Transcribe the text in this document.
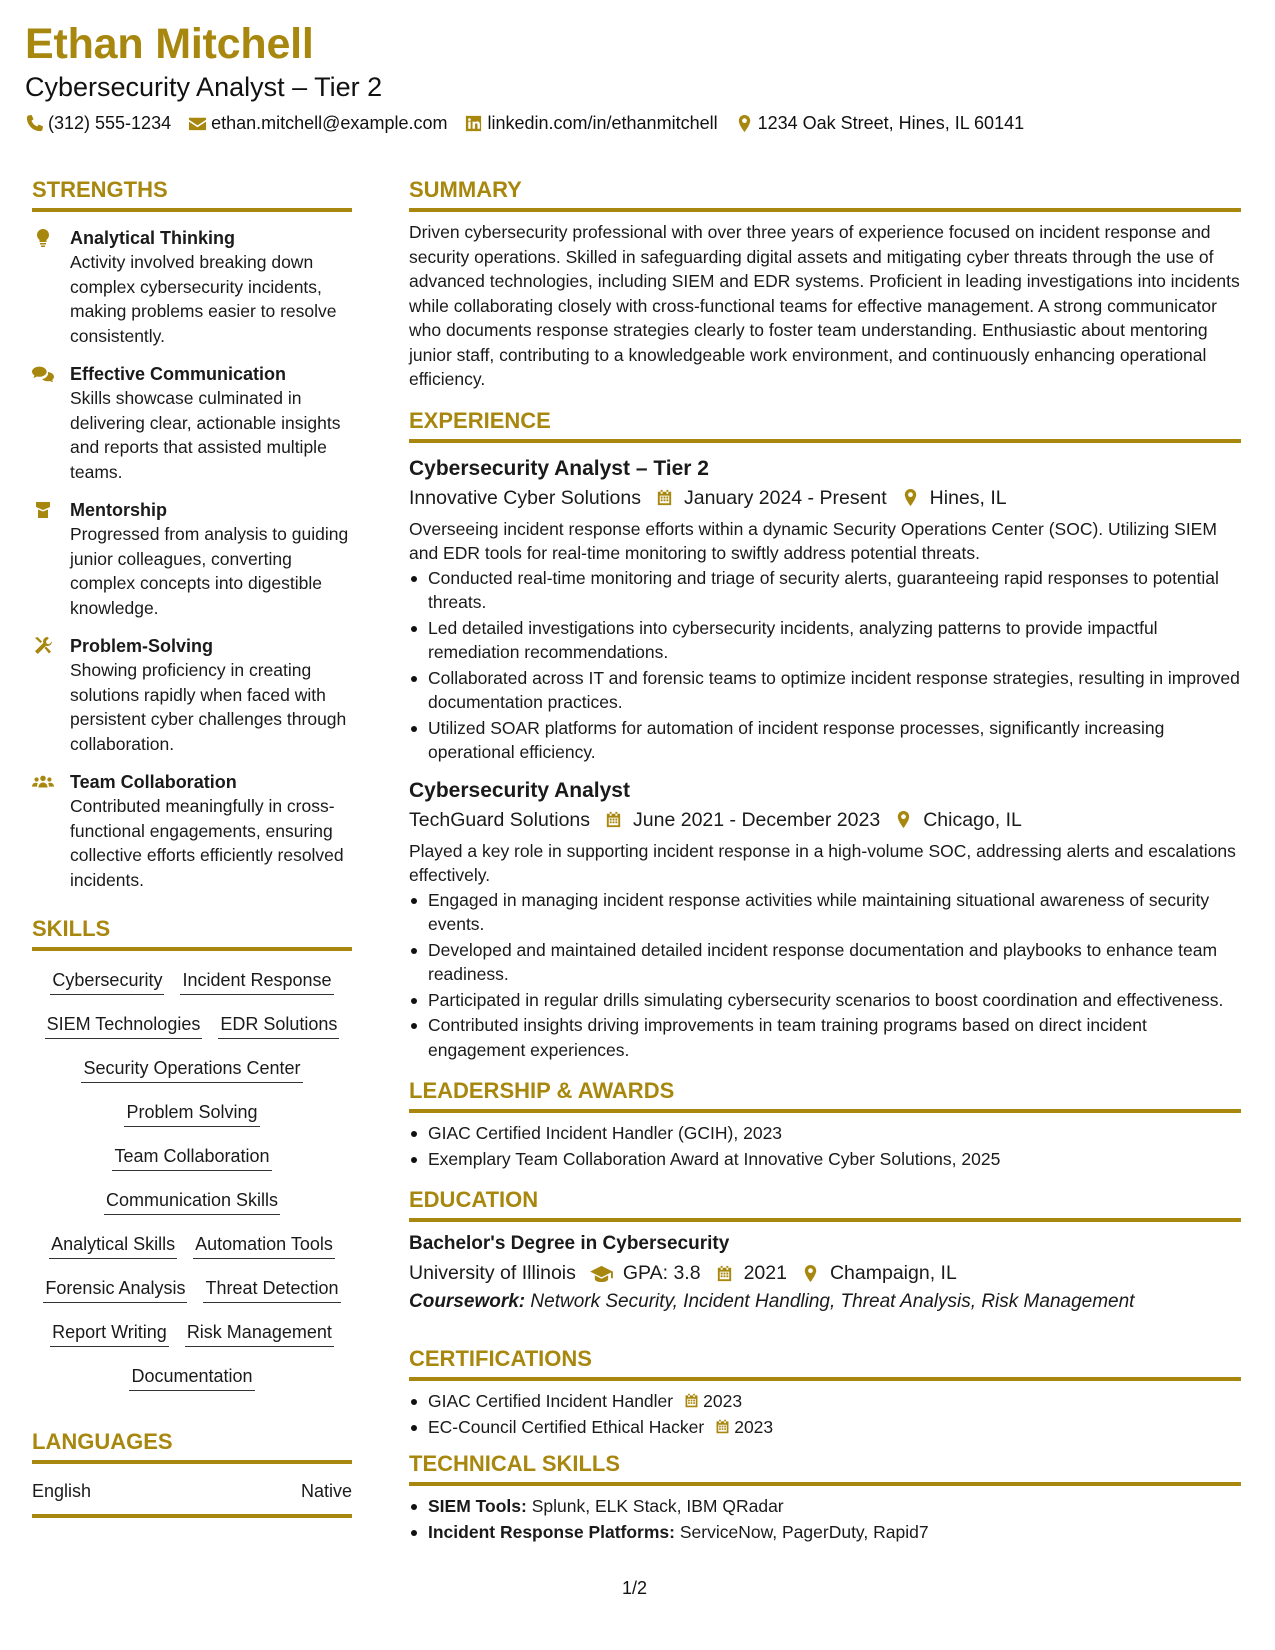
Ethan Mitchell
Cybersecurity Analyst – Tier 2
(312) 555-1234 ethan.mitchell@example.com linkedin.com/in/ethanmitchell 1234 Oak Street, Hines, IL 60141
STRENGTHS
Analytical Thinking
Activity involved breaking down complex cybersecurity incidents, making problems easier to resolve consistently.
Effective Communication
Skills showcase culminated in delivering clear, actionable insights and reports that assisted multiple teams.
Mentorship
Progressed from analysis to guiding junior colleagues, converting complex concepts into digestible knowledge.
Problem-Solving
Showing proficiency in creating solutions rapidly when faced with persistent cyber challenges through collaboration.
Team Collaboration
Contributed meaningfully in cross-functional engagements, ensuring collective efforts efficiently resolved incidents.
SKILLS
Cybersecurity Incident Response
SIEM Technologies EDR Solutions
Security Operations Center
Problem Solving
Team Collaboration
Communication Skills
Analytical Skills Automation Tools
Forensic Analysis Threat Detection
Report Writing Risk Management
Documentation
LANGUAGES
English	Native
SUMMARY
Driven cybersecurity professional with over three years of experience focused on incident response and security operations. Skilled in safeguarding digital assets and mitigating cyber threats through the use of advanced technologies, including SIEM and EDR systems. Proficient in leading investigations into incidents while collaborating closely with cross-functional teams for effective management. A strong communicator who documents response strategies clearly to foster team understanding. Enthusiastic about mentoring junior staff, contributing to a knowledgeable work environment, and continuously enhancing operational efficiency.
EXPERIENCE
Cybersecurity Analyst – Tier 2
Innovative Cyber Solutions January 2024 - Present Hines, IL
Overseeing incident response efforts within a dynamic Security Operations Center (SOC). Utilizing SIEM and EDR tools for real-time monitoring to swiftly address potential threats.
Conducted real-time monitoring and triage of security alerts, guaranteeing rapid responses to potential threats.
Led detailed investigations into cybersecurity incidents, analyzing patterns to provide impactful remediation recommendations.
Collaborated across IT and forensic teams to optimize incident response strategies, resulting in improved documentation practices.
Utilized SOAR platforms for automation of incident response processes, significantly increasing operational efficiency.
Cybersecurity Analyst
TechGuard Solutions June 2021 - December 2023 Chicago, IL
Played a key role in supporting incident response in a high-volume SOC, addressing alerts and escalations effectively.
Engaged in managing incident response activities while maintaining situational awareness of security events.
Developed and maintained detailed incident response documentation and playbooks to enhance team readiness.
Participated in regular drills simulating cybersecurity scenarios to boost coordination and effectiveness.
Contributed insights driving improvements in team training programs based on direct incident engagement experiences.
LEADERSHIP & AWARDS
GIAC Certified Incident Handler (GCIH), 2023
Exemplary Team Collaboration Award at Innovative Cyber Solutions, 2025
EDUCATION
Bachelor's Degree in Cybersecurity
University of Illinois GPA: 3.8 2021 Champaign, IL
Coursework: Network Security, Incident Handling, Threat Analysis, Risk Management
CERTIFICATIONS
GIAC Certified Incident Handler 2023
EC-Council Certified Ethical Hacker 2023
TECHNICAL SKILLS
SIEM Tools: Splunk, ELK Stack, IBM QRadar
Incident Response Platforms: ServiceNow, PagerDuty, Rapid7
1/2
